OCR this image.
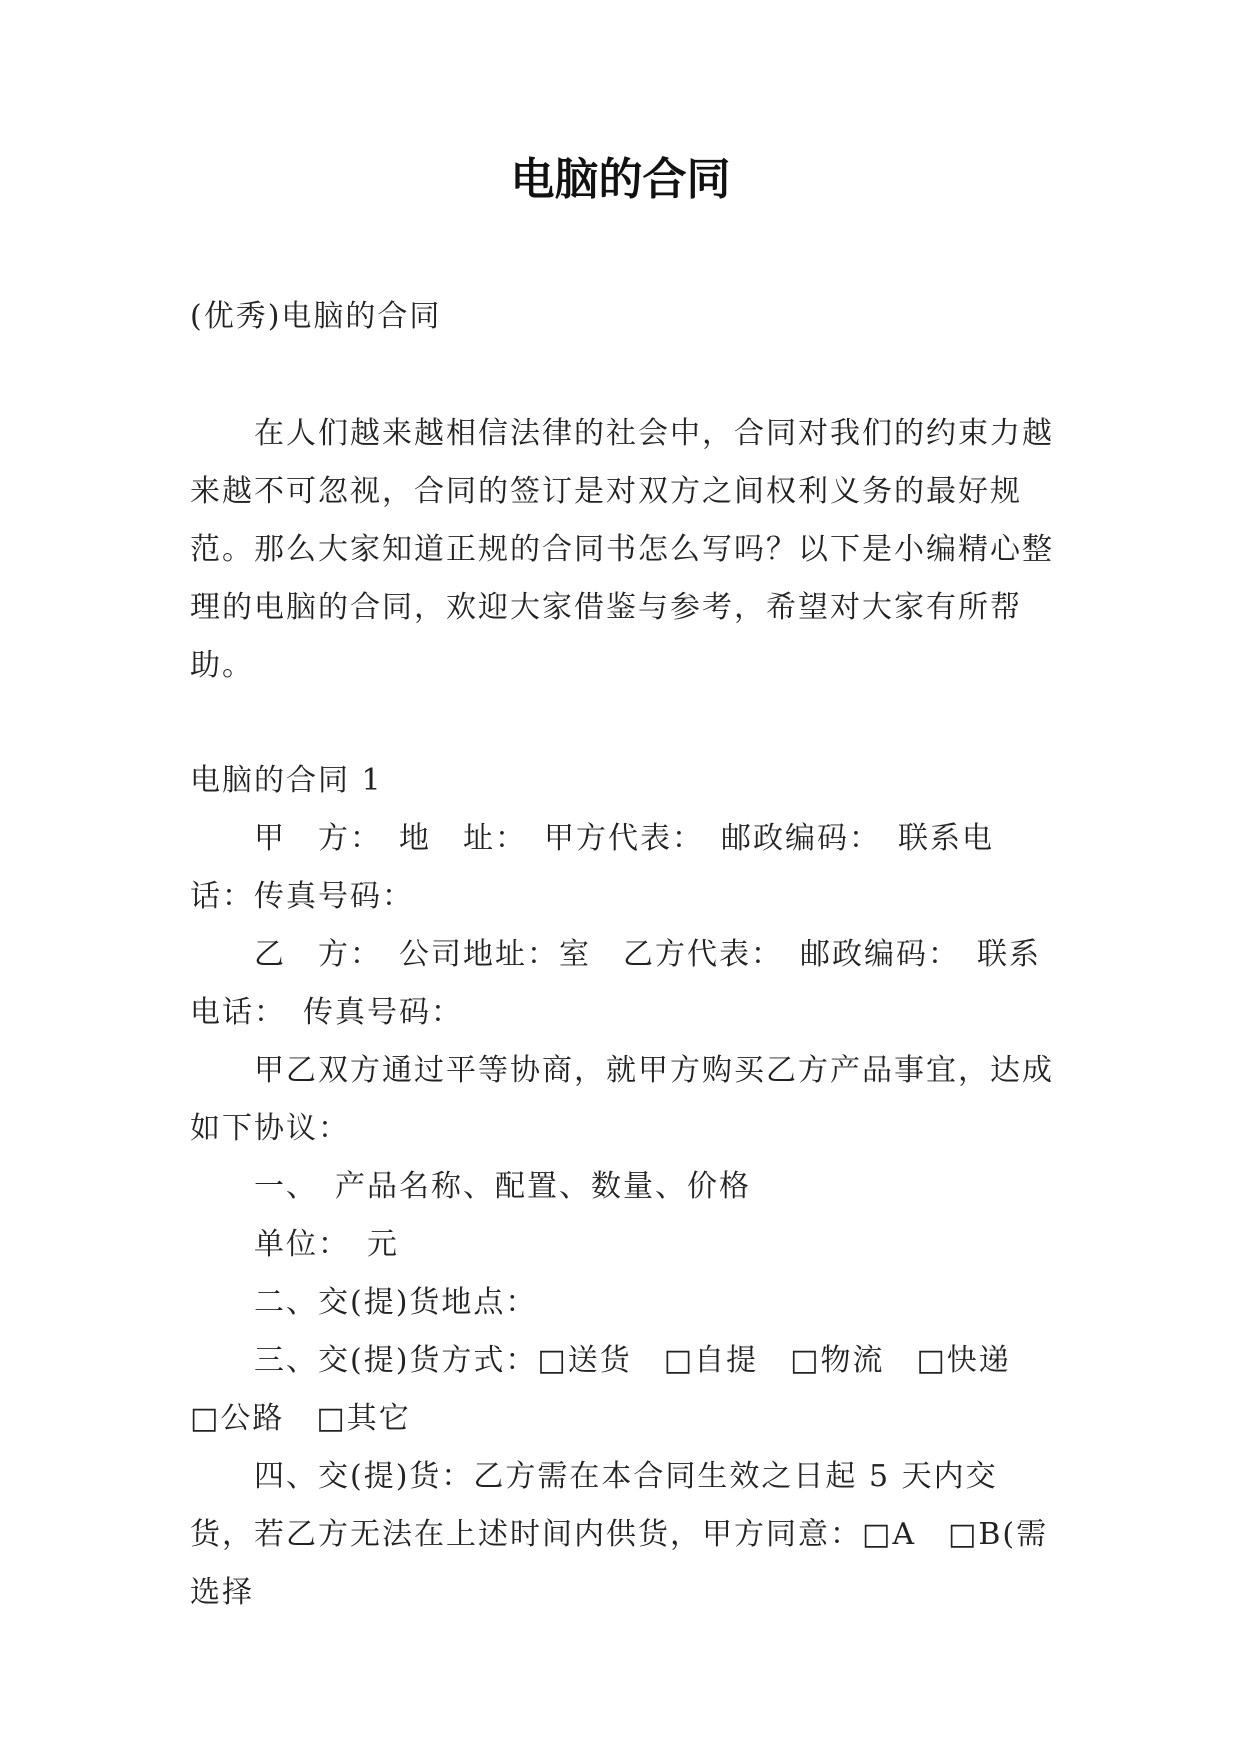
电脑的合同

(优秀)电脑的合同

在人们越来越相信法律的社会中，合同对我们的约束力越来越不可忽视，合同的签订是对双方之间权利义务的最好规范。那么大家知道正规的合同书怎么写吗？以下是小编精心整理的电脑的合同，欢迎大家借鉴与参考，希望对大家有所帮助。

电脑的合同 1

甲　方：　地　址：　甲方代表：　邮政编码：　联系电话：传真号码：

乙　方：　公司地址：室　乙方代表：　邮政编码：　联系电话：　传真号码：

甲乙双方通过平等协商，就甲方购买乙方产品事宜，达成如下协议：

一、　产品名称、配置、数量、价格

单位：　元

二、交(提)货地点：

三、交(提)货方式：□送货　□自提　□物流　□快递　□公路　□其它

四、交(提)货：乙方需在本合同生效之日起 5 天内交货，若乙方无法在上述时间内供货，甲方同意：□A　□B(需选择
